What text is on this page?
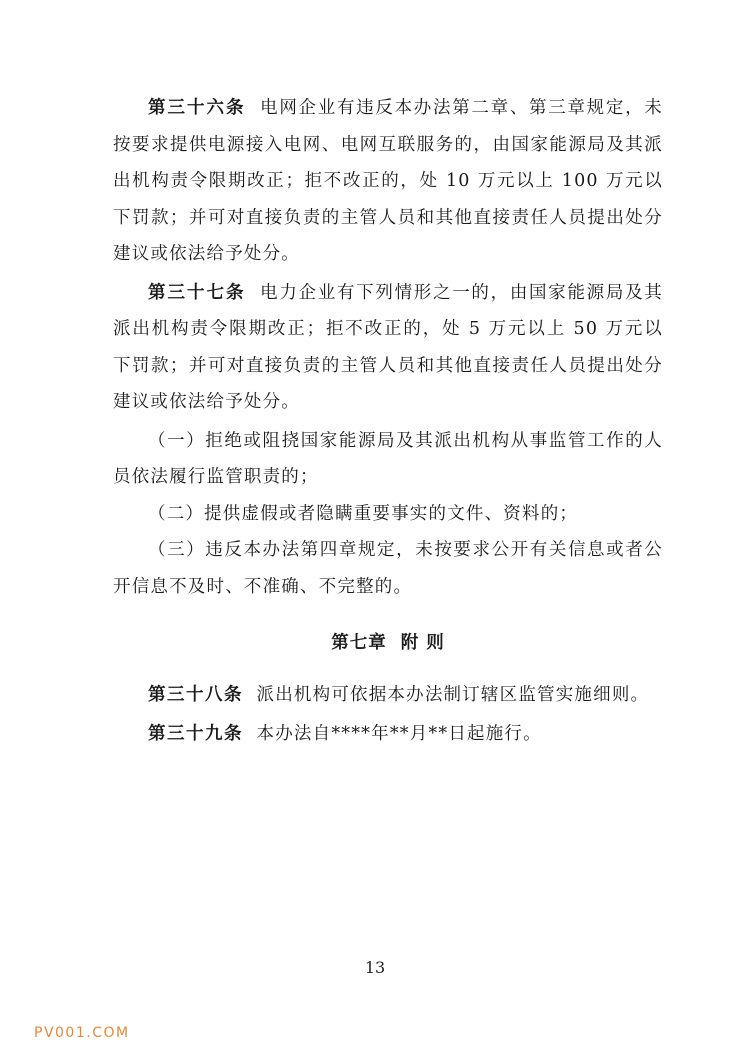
第三十六条 电网企业有违反本办法第二章、第三章规定，未按要求提供电源接入电网、电网互联服务的，由国家能源局及其派出机构责令限期改正；拒不改正的，处 10 万元以上 100 万元以下罚款；并可对直接负责的主管人员和其他直接责任人员提出处分建议或依法给予处分。

第三十七条 电力企业有下列情形之一的，由国家能源局及其派出机构责令限期改正；拒不改正的，处 5 万元以上 50 万元以下罚款；并可对直接负责的主管人员和其他直接责任人员提出处分建议或依法给予处分。

（一）拒绝或阻挠国家能源局及其派出机构从事监管工作的人员依法履行监管职责的；

（二）提供虚假或者隐瞒重要事实的文件、资料的；

（三）违反本办法第四章规定，未按要求公开有关信息或者公开信息不及时、不准确、不完整的。

第七章 附 则

第三十八条 派出机构可依据本办法制订辖区监管实施细则。

第三十九条 本办法自****年**月**日起施行。

13
PV001.COM
